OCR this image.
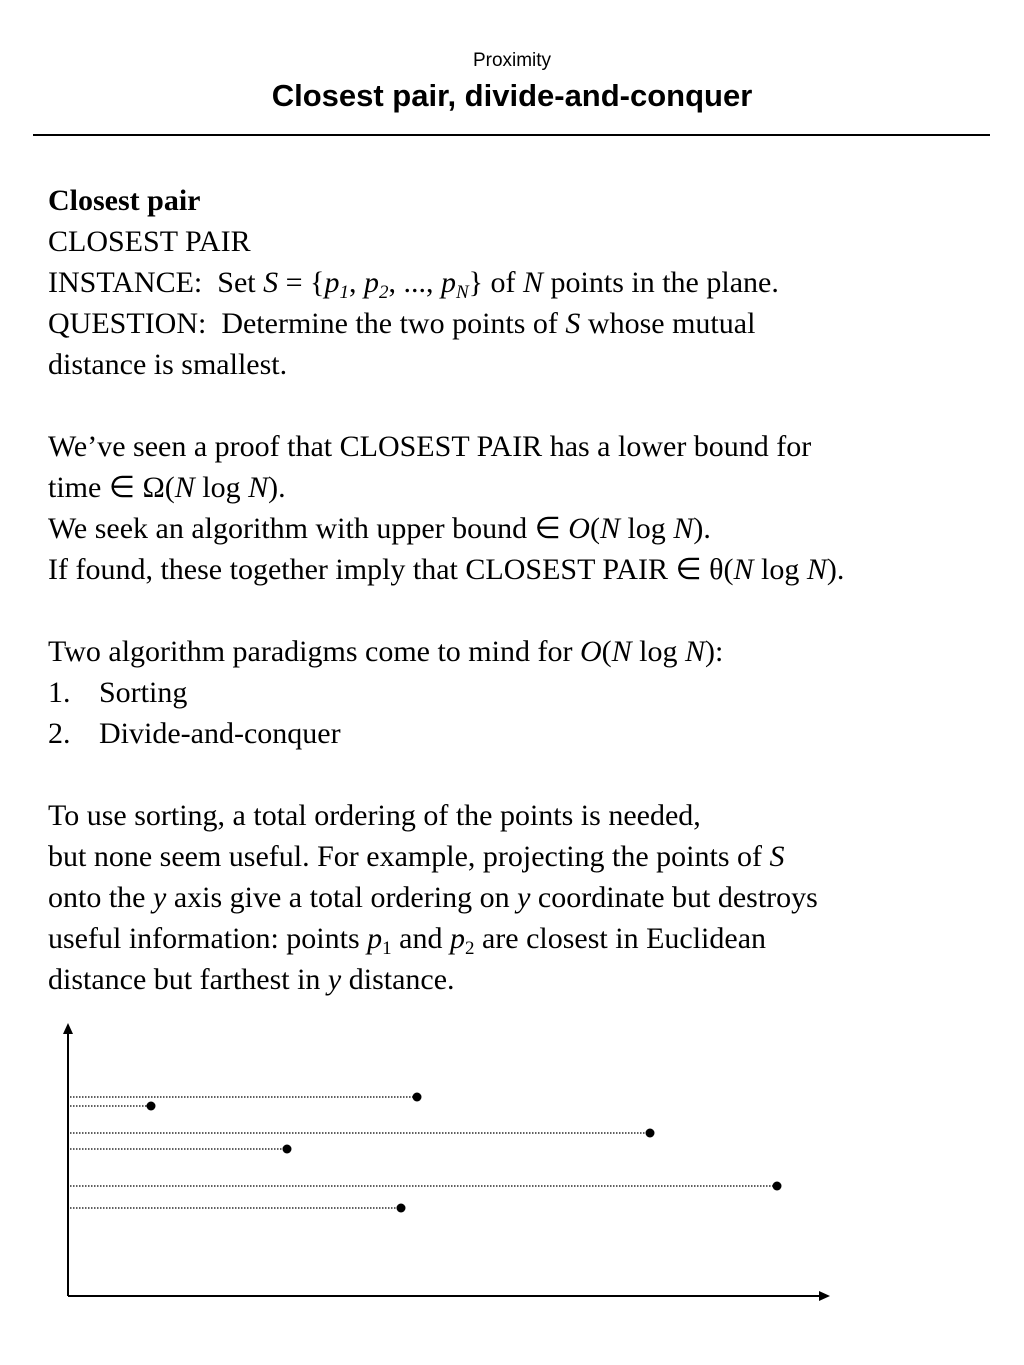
Proximity
Closest pair, divide-and-conquer
Closest pair
CLOSEST PAIR
INSTANCE: Set $S = \{p_1$, $p_2$, ..., $p_N$} of N points in the plane.
QUESTION: Determine the two points of S whose mutual
distance is smallest.
We’ve seen a proof that CLOSEST PAIR has a lower bound for
time ∈ Ω(N log N).
We seek an algorithm with upper bound ∈ O(N log N).
If found, these together imply that CLOSEST PAIR ∈ θ(N log N).
Two algorithm paradigms come to mind for O(N log N):
1. Sorting
2. Divide-and-conquer
To use sorting, a total ordering of the points is needed,
but none seem useful. For example, projecting the points of S
onto the y axis give a total ordering on y coordinate but destroys
useful information: points $p_1$ and $p_2$ are closest in Euclidean
distance but farthest in y distance.
